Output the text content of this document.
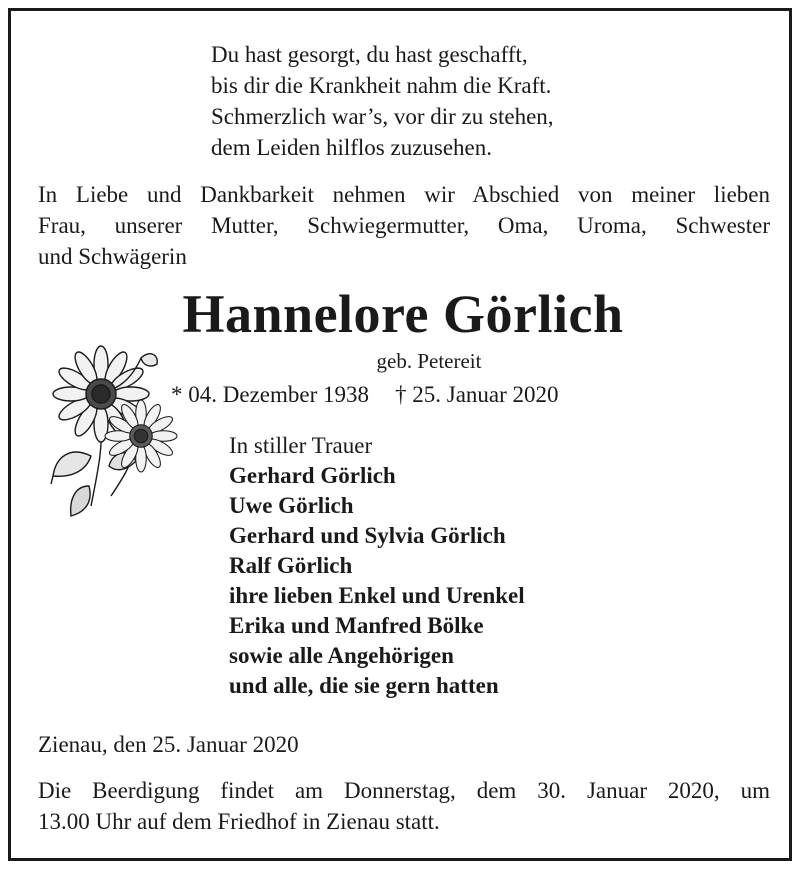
Du hast gesorgt, du hast geschafft,
bis dir die Krankheit nahm die Kraft.
Schmerzlich war’s, vor dir zu stehen,
dem Leiden hilflos zuzusehen.
In Liebe und Dankbarkeit nehmen wir Abschied von meiner lieben
Frau, unserer Mutter, Schwiegermutter, Oma, Uroma, Schwester
und Schwägerin
Hannelore Görlich
geb. Petereit
* 04. Dezember 1938 † 25. Januar 2020
In stiller Trauer
Gerhard Görlich
Uwe Görlich
Gerhard und Sylvia Görlich
Ralf Görlich
ihre lieben Enkel und Urenkel
Erika und Manfred Bölke
sowie alle Angehörigen
und alle, die sie gern hatten
Zienau, den 25. Januar 2020
Die Beerdigung findet am Donnerstag, dem 30. Januar 2020, um
13.00 Uhr auf dem Friedhof in Zienau statt.
